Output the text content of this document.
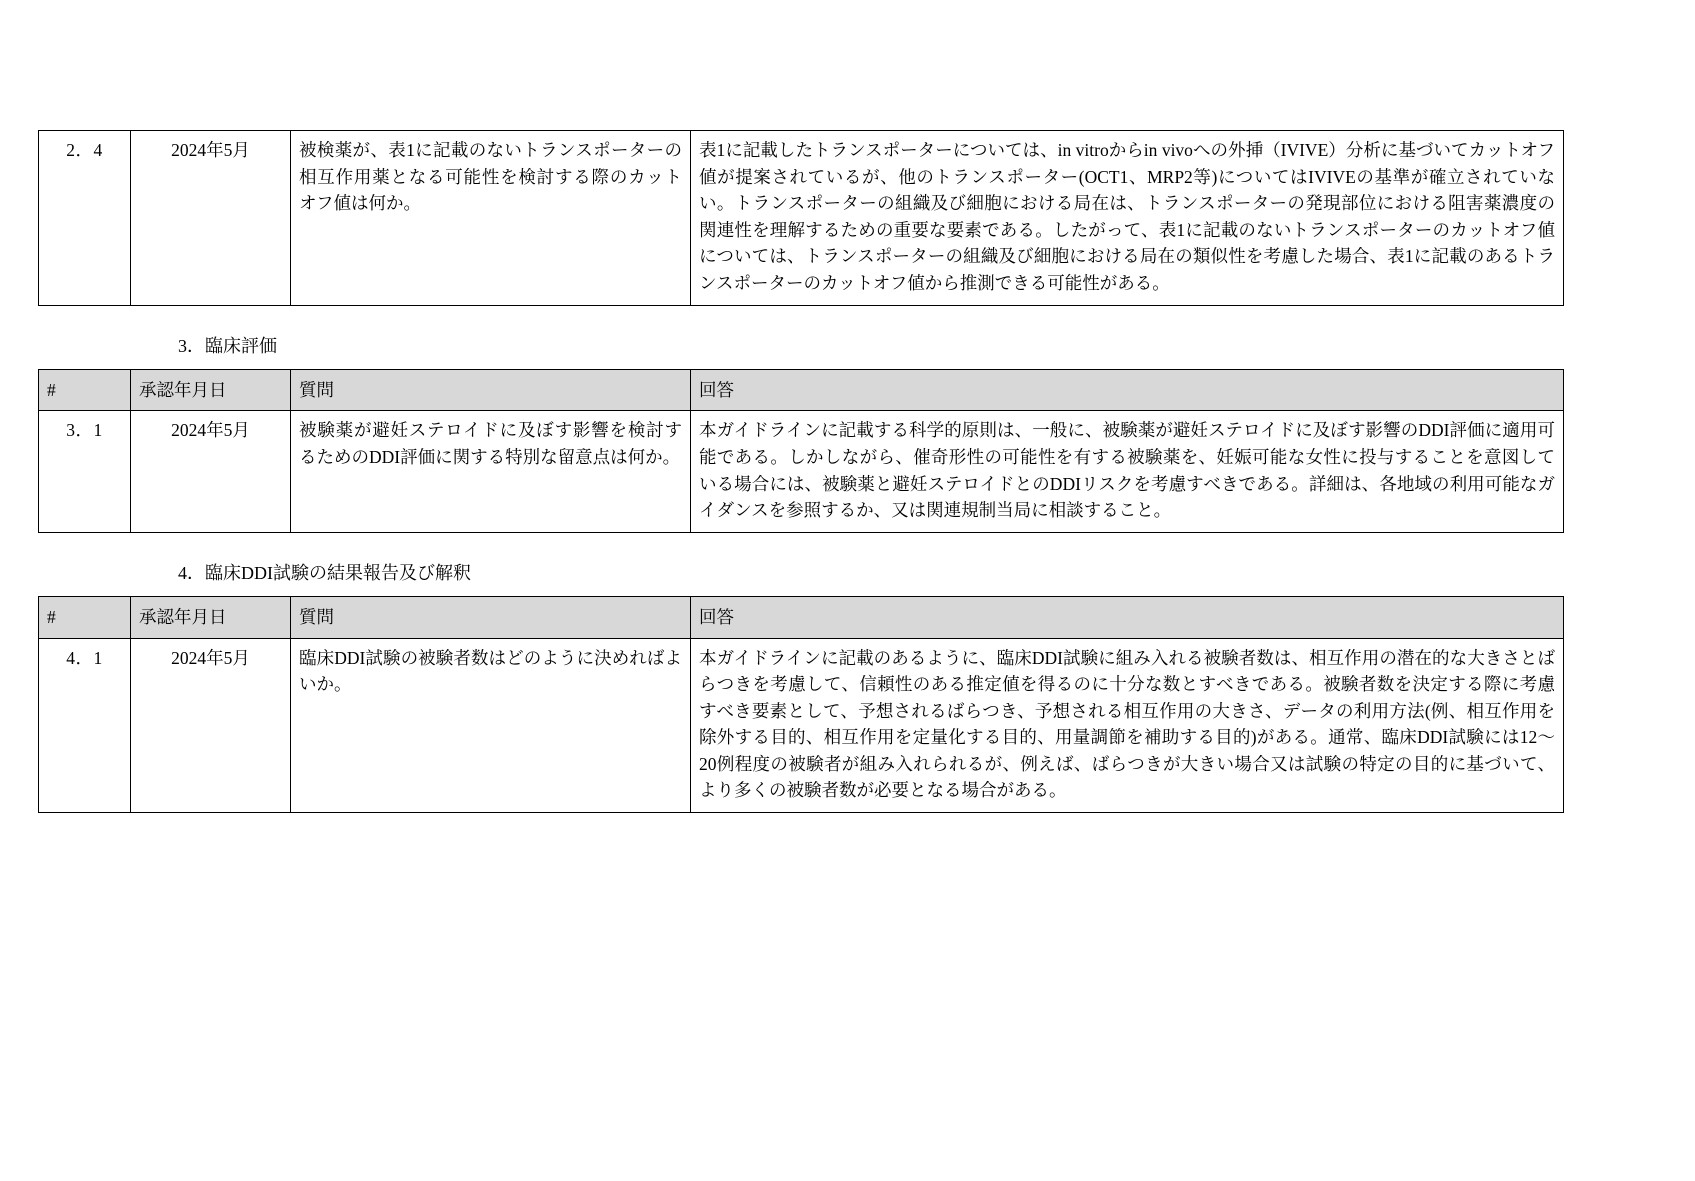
2．4	2024年5月	被検薬が、表1に記載のないトランスポーターの相互作用薬となる可能性を検討する際のカットオフ値は何か。	表1に記載したトランスポーターについては、in vitroからin vivoへの外挿（IVIVE）分析に基づいてカットオフ値が提案されているが、他のトランスポーター(OCT1、MRP2等)についてはIVIVEの基準が確立されていない。トランスポーターの組織及び細胞における局在は、トランスポーターの発現部位における阻害薬濃度の関連性を理解するための重要な要素である。したがって、表1に記載のないトランスポーターのカットオフ値については、トランスポーターの組織及び細胞における局在の類似性を考慮した場合、表1に記載のあるトランスポーターのカットオフ値から推測できる可能性がある。
3．臨床評価
#	承認年月日	質問	回答
3．1	2024年5月	被験薬が避妊ステロイドに及ぼす影響を検討するためのDDI評価に関する特別な留意点は何か。	本ガイドラインに記載する科学的原則は、一般に、被験薬が避妊ステロイドに及ぼす影響のDDI評価に適用可能である。しかしながら、催奇形性の可能性を有する被験薬を、妊娠可能な女性に投与することを意図している場合には、被験薬と避妊ステロイドとのDDIリスクを考慮すべきである。詳細は、各地域の利用可能なガイダンスを参照するか、又は関連規制当局に相談すること。
4．臨床DDI試験の結果報告及び解釈
#	承認年月日	質問	回答
4．1	2024年5月	臨床DDI試験の被験者数はどのように決めればよいか。	本ガイドラインに記載のあるように、臨床DDI試験に組み入れる被験者数は、相互作用の潜在的な大きさとばらつきを考慮して、信頼性のある推定値を得るのに十分な数とすべきである。被験者数を決定する際に考慮すべき要素として、予想されるばらつき、予想される相互作用の大きさ、データの利用方法(例、相互作用を除外する目的、相互作用を定量化する目的、用量調節を補助する目的)がある。通常、臨床DDI試験には12〜20例程度の被験者が組み入れられるが、例えば、ばらつきが大きい場合又は試験の特定の目的に基づいて、より多くの被験者数が必要となる場合がある。
